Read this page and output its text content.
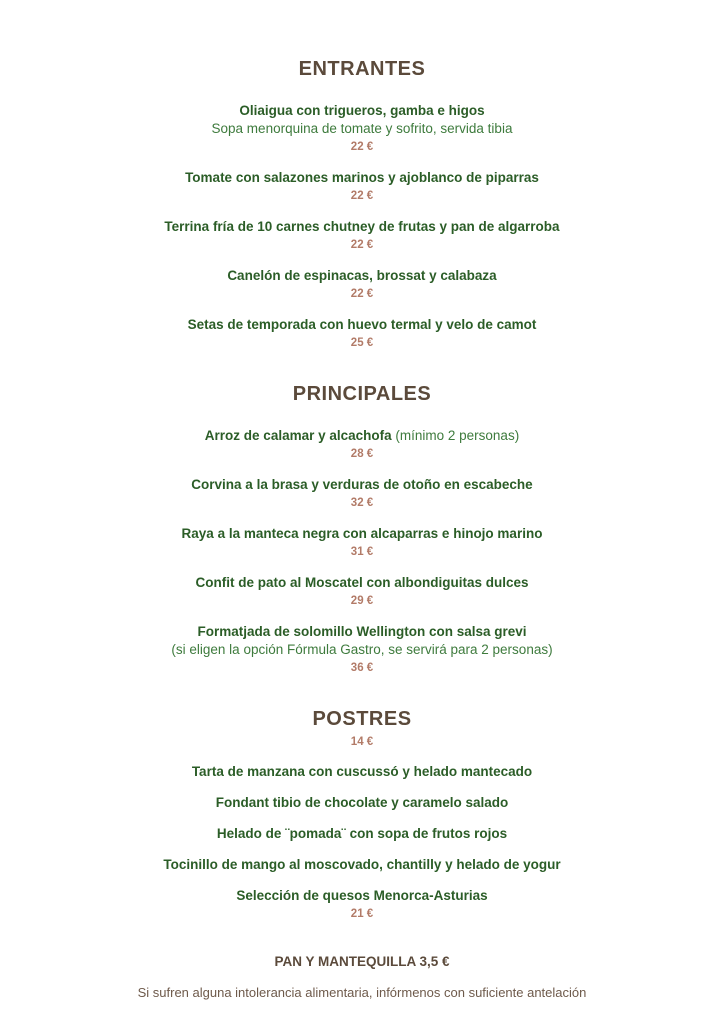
ENTRANTES
Oliaigua con trigueros, gamba e higos
Sopa menorquina de tomate y sofrito, servida tibia
22 €
Tomate con salazones marinos y ajoblanco de piparras
22 €
Terrina fría de 10 carnes chutney de frutas y pan de algarroba
22 €
Canelón de espinacas, brossat y calabaza
22 €
Setas de temporada con huevo termal y velo de camot
25 €
PRINCIPALES
Arroz de calamar y alcachofa (mínimo 2 personas)
28 €
Corvina a la brasa y verduras de otoño en escabeche
32 €
Raya a la manteca negra con alcaparras e hinojo marino
31 €
Confit de pato al Moscatel con albondiguitas dulces
29 €
Formatjada de solomillo Wellington con salsa grevi
(si eligen la opción Fórmula Gastro, se servirá para 2 personas)
36 €
POSTRES
14 €
Tarta de manzana con cuscussó y helado mantecado
Fondant tibio de chocolate y caramelo salado
Helado de ¨pomada¨ con sopa de frutos rojos
Tocinillo de mango al moscovado, chantilly y helado de yogur
Selección de quesos Menorca-Asturias
21 €
PAN Y MANTEQUILLA 3,5 €
Si sufren alguna intolerancia alimentaria, infórmenos con suficiente antelación
